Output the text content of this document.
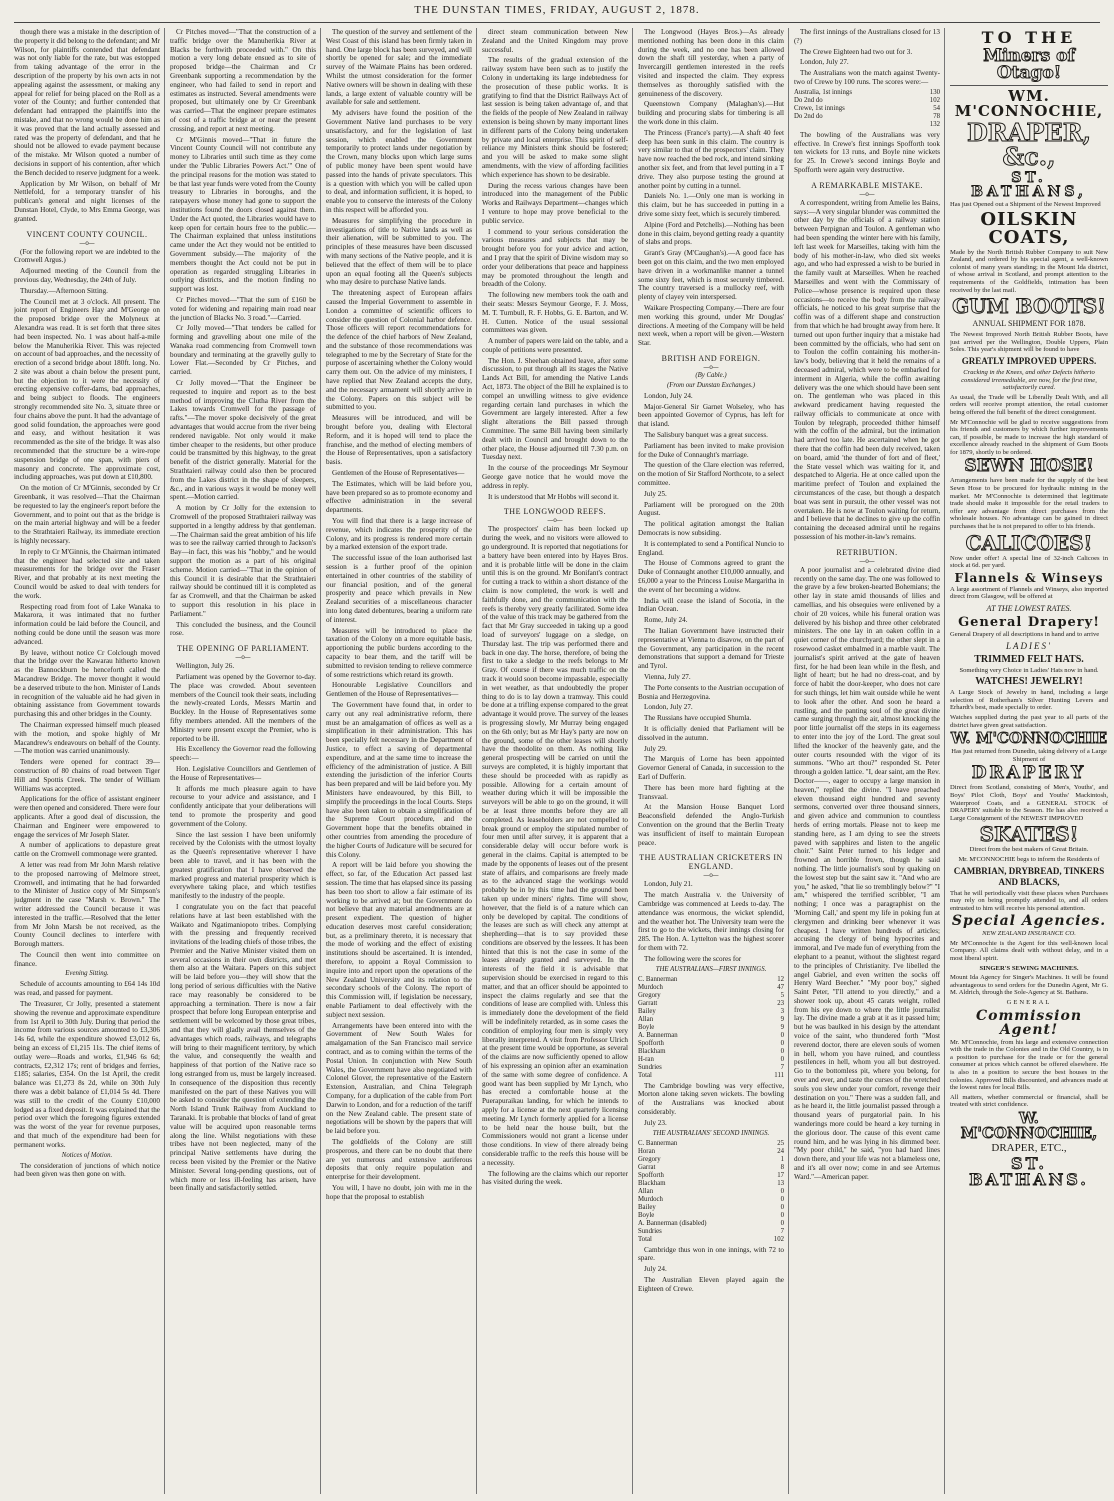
THE DUNSTAN TIMES, FRIDAY, AUGUST 2, 1878.

though there was a mistake in the description of the property it did belong to the defendant; and Mr Wilson, for plaintiffs contended that defendant was not only liable for the rate, but was estopped from taking advantage of the error in the description of the property by his own acts in not appealing against the assessment, or making any appeal for relief for being placed on the Roll as a voter of the County; and further contended that defendant had entrapped the plaintiffs into the mistake, and that no wrong would be done him as it was proved that the land actually assessed and rated was the property of defendant, and that he should not be allowed to evade payment because of the mistake. Mr Wilson quoted a number of decisions in support of his contention, after which the Bench decided to reserve judgment for a week.

Application by Mr Wilson, on behalf of Mr Nettlefold, for a temporary transfer of his publican's general and night licenses of the Dunstan Hotel, Clyde, to Mrs Emma George, was granted.

VINCENT COUNTY COUNCIL.
—o—

(For the following report we are indebted to the Cromwell Argus.)

Adjourned meeting of the Council from the previous day, Wednesday, the 24th of July.

Thursday.—Afternoon Sitting.

The Council met at 3 o'clock. All present. The joint report of Engineers Hay and M'George on the proposed bridge over the Molyneux at Alexandra was read. It is set forth that three sites had been inspected. No. 1 was about half-a-mile below the Manuherikia River. This was rejected on account of bad approaches, and the necessity of erection of a second bridge about 180ft. long. No. 2 site was about a chain below the present punt, but the objection to it were the necessity of erecting expensive coffer-dams, bad approaches, and being subject to floods. The engineers strongly recommended site No. 3, situate three or four chains above the punt. It had the advantage of good solid foundation, the approaches were good and easy, and without hesitation it was recommended as the site of the bridge. It was also recommended that the structure be a wire-rope suspension bridge of one span, with piers of masonry and concrete. The approximate cost, including approaches, was put down at £10,800.

On the motion of Cr M'Ginnis, seconded by Cr Greenbank, it was resolved—That the Chairman be requested to lay the engineer's report before the Government, and to point out that as the bridge is on the main arterial highway and will be a feeder to the Strathtaieri Railway, its immediate erection is highly necessary.

In reply to Cr M'Ginnis, the Chairman intimated that the engineer had selected site and taken measurements for the bridge over the Fraser River, and that probably at its next meeting the Council would be asked to deal with tenders for the work.

Respecting road from foot of Lake Wanaka to Makarora, it was intimated that no further information could be laid before the Council, and nothing could be done until the season was more advanced.

By leave, without notice Cr Colclough moved that the bridge over the Kawarau hitherto known as the Bannockburn be henceforth called the Macandrew Bridge. The mover thought it would be a deserved tribute to the hon. Minister of Lands in recognition of the valuable aid he had given in obtaining assistance from Government towards purchasing this and other bridges in the County.

The Chairman expressed himself much pleased with the motion, and spoke highly of Mr Macandrew's endeavours on behalf of the County.—The motion was carried unanimously.

Tenders were opened for contract 39—construction of 80 chains of road between Tiger Hill and Spottis Creek. The tender of William Williams was accepted.

Applications for the office of assistant engineer were then opened and considered. There were four applicants. After a good deal of discussion, the Chairman and Engineer were empowered to engage the services of Mr Joseph Slater.

A number of applications to depasture great cattle on the Cromwell commonage were granted.

A letter was read from Mr John Marsh relative to the proposed narrowing of Melmore street, Cromwell, and intimating that he had forwarded to the Minister of Justice copy of Mr Simpson's judgment in the case "Marsh v. Brown." The writer addressed the Council because it was interested in the traffic.—Resolved that the letter from Mr John Marsh be not received, as the County Council declines to interfere with Borough matters.

The Council then went into committee on finance.

Evening Sitting.

Schedule of accounts amounting to £64 14s 10d was read, and passed for payment.

The Treasurer, Cr Jolly, presented a statement showing the revenue and approximate expenditure from 1st April to 30th July. During that period the income from various sources amounted to £3,306 14s 6d, while the expenditure showed £3,012 6s, being an excess of £1,215 11s. The chief items of outlay were—Roads and works, £1,946 6s 6d; contracts, £2,312 17s; rent of bridges and ferries, £185; salaries, £354. On the 1st April, the credit balance was £1,273 8s 2d, while on 30th July there was a debit balance of £1,014 5s 4d. There was still to the credit of the County £10,000 lodged as a fixed deposit. It was explained that the period over which the foregoing figures extended was the worst of the year for revenue purposes, and that much of the expenditure had been for permanent works.

Notices of Motion.

The consideration of junctions of which notice had been given was then gone on with.

Cr Pitches moved—"That the construction of a traffic bridge over the Manuherikia River at Blacks be forthwith proceeded with." On this motion a very long debate ensued as to site of proposed bridge—the Chairman and Cr Greenbank supporting a recommendation by the engineer, who had failed to send in report and estimates as instructed. Several amendments were proposed, but ultimately one by Cr Greenbank was carried—That the engineer prepare estimates of cost of a traffic bridge at or near the present crossing, and report at next meeting.

Cr M'Ginnis moved—"That in future the Vincent County Council will not contribute any money to Libraries until such time as they come under the 'Public Libraries Powers Act.'" One of the principal reasons for the motion was stated to be that last year funds were voted from the County treasury to Libraries in boroughs, and the ratepayers whose money had gone to support the institutions found the doors closed against them. Under the Act quoted, the Libraries would have to keep open for certain hours free to the public.—The Chairman explained that unless institutions came under the Act they would not be entitled to Government subsidy.—The majority of the members thought the Act could not be put in operation as regarded struggling Libraries in outlying districts, and the motion finding no support was lost.

Cr Pitches moved—"That the sum of £160 be voted for widening and repairing main road near the junction of Blacks No. 3 road."—Carried.

Cr Jolly moved—"That tenders be called for forming and gravelling about one mile of the Wanaka road commencing from Cromwell town boundary and terminating at the gravelly gully to Lower Flat.—Seconded by Cr Pitches, and carried.

Cr Jolly moved—"That the Engineer be requested to inquire and report as to the best method of improving the Clutha River from the Lakes towards Cromwell for the passage of rafts."—The mover spoke decisively of the great advantages that would accrue from the river being rendered navigable. Not only would it make timber cheaper to the residents, but other produce could be transmitted by this highway, to the great benefit of the district generally. Material for the Strathtaieri railway could also then be procured from the Lakes district in the shape of sleepers, &c., and in various ways it would be money well spent.—Motion carried.

A motion by Cr Jolly for the extension to Cromwell of the proposed Strathtaieri railway was supported in a lengthy address by that gentleman.—The Chairman said the great ambition of his life was to see the railway carried through to Jackson's Bay—in fact, this was his "hobby," and he would support the motion as a part of his original scheme. Motion carried—"That in the opinion of this Council it is desirable that the Strathtaieri railway should be continued till it is completed as far as Cromwell, and that the Chairman be asked to support this resolution in his place in Parliament."

This concluded the business, and the Council rose.

THE OPENING OF PARLIAMENT.
—o—

Wellington, July 26.

Parliament was opened by the Governor to-day. The place was crowded. About seventeen members of the Council took their seats, including the newly-created Lords, Messrs Martin and Buckley. In the House of Representatives some fifty members attended. All the members of the Ministry were present except the Premier, who is reported to be ill.

His Excellency the Governor read the following speech:—

Hon. Legislative Councillors and Gentlemen of the House of Representatives—

It affords me much pleasure again to have recourse to your advice and assistance, and I confidently anticipate that your deliberations will tend to promote the prosperity and good government of the Colony.

Since the last session I have been uniformly received by the Colonists with the utmost loyalty as the Queen's representative wherever I have been able to travel, and it has been with the greatest gratification that I have observed the marked progress and material prosperity which is everywhere taking place, and which testifies manifestly to the industry of the people.

I congratulate you on the fact that peaceful relations have at last been established with the Waikato and Ngatimaniopoto tribes. Complying with the pressing and frequently received invitations of the leading chiefs of those tribes, the Premier and the Native Minister visited them on several occasions in their own districts, and met them also at the Waitara. Papers on this subject will be laid before you—they will show that the long period of serious difficulties with the Native race may reasonably be considered to be approaching a termination. There is now a fair prospect that before long European enterprise and settlement will be welcomed by those great tribes, and that they will gladly avail themselves of the advantages which roads, railways, and telegraphs will bring to their magnificent territory, by which the value, and consequently the wealth and happiness of that portion of the Native race so long estranged from us, must be largely increased. In consequence of the disposition thus recently manifested on the part of these Natives you will be asked to consider the question of extending the North Island Trunk Railway from Auckland to Taranaki. It is probable that blocks of land of great value will be acquired upon reasonable terms along the line. Whilst negotiations with these tribes have not been neglected, many of the principal Native settlements have during the recess been visited by the Premier or the Native Minister. Several long-pending questions, out of which more or less ill-feeling has arisen, have been finally and satisfactorily settled.

The question of the survey and settlement of the West Coast of this island has been firmly taken in hand. One large block has been surveyed, and will shortly be opened for sale; and the immediate survey of the Waimate Plains has been ordered. Whilst the utmost consideration for the former Native owners will be shown in dealing with these lands, a large extent of valuable country will be available for sale and settlement.

My advisers have found the position of the Government Native land purchases to be very unsatisfactory, and for the legislation of last session, which enabled the Government temporarily to protect lands under negotiation by the Crown, many blocks upon which large sums of public money have been spent would have passed into the hands of private speculators. This is a question with which you will be called upon to deal, and information sufficient, it is hoped, to enable you to conserve the interests of the Colony in this respect will be afforded you.

Measures for simplifying the procedure in investigations of title to Native lands as well as their alienation, will be submitted to you. The principles of these measures have been discussed with many sections of the Native people, and it is believed that the effect of them will be to place upon an equal footing all the Queen's subjects who may desire to purchase Native lands.

The threatening aspect of European affairs caused the Imperial Government to assemble in London a committee of scientific officers to consider the question of Colonial harbor defence. Those officers will report recommendations for the defence of the chief harbors of New Zealand, and the substance of those recommendations was telegraphed to me by the Secretary of State for the purpose of ascertaining whether the Colony would carry them out. On the advice of my ministers, I have replied that New Zealand accepts the duty, and the necessary armament will shortly arrive in the Colony. Papers on this subject will be submitted to you.

Measures will be introduced, and will be brought before you, dealing with Electoral Reform, and it is hoped will tend to place the franchise, and the method of electing members of the House of Representatives, upon a satisfactory basis.

Gentlemen of the House of Representatives—

The Estimates, which will be laid before you, have been prepared so as to promote economy and effective administration in the several departments.

You will find that there is a large increase of revenue, which indicates the prosperity of the Colony, and its progress is rendered more certain by a marked extension of the export trade.

The successful issue of the loan authorised last session is a further proof of the opinion entertained in other countries of the stability of our financial position, and of the general prosperity and peace which prevails in New Zealand securities of a miscellaneous character into long dated debentures, bearing a uniform rate of interest.

Measures will be introduced to place the taxation of the Colony on a more equitable basis, apportioning the public burdens according to the capacity to bear them, and the tariff will be submitted to revision tending to relieve commerce of some restrictions which retard its growth.

Honourable Legislative Councillors and Gentlemen of the House of Representatives—

The Government have found that, in order to carry out any real administrative reform, there must be an amalgamation of offices as well as a simplification in their administration. This has been specially felt necessary in the Department of Justice, to effect a saving of departmental expenditure, and at the same time to increase the efficiency of the administration of justice. A Bill extending the jurisdiction of the inferior Courts has been prepared and will be laid before you. My Ministers have endeavoured, by this Bill, to simplify the proceedings in the local Courts. Steps have also been taken to obtain a simplification of the Supreme Court procedure, and the Government hope that the benefits obtained in other countries from amending the procedure of the higher Courts of Judicature will be secured for this Colony.

A report will be laid before you showing the effect, so far, of the Education Act passed last session. The time that has elapsed since its passing has been too short to allow a fair estimate of its working to be arrived at; but the Government do not believe that any material amendments are at present expedient. The question of higher education deserves most careful consideration; but, as a preliminary thereto, it is necessary that the mode of working and the effect of existing institutions should be ascertained. It is intended, therefore, to appoint a Royal Commission to inquire into and report upon the operations of the New Zealand University and its relation to the secondary schools of the Colony. The report of this Commission will, if legislation be necessary, enable Parliament to deal effectively with the subject next session.

Arrangements have been entered into with the Government of New South Wales for amalgamation of the San Francisco mail service contract, and as to coming within the terms of the Postal Union. In conjunction with New South Wales, the Government have also negotiated with Colonel Glover, the representative of the Eastern Extension, Australian, and China Telegraph Company, for a duplication of the cable from Port Darwin to London, and for a reduction of the tariff on the New Zealand cable. The present state of negotiations will be shown by the papers that will be laid before you.

The goldfields of the Colony are still prosperous, and there can be no doubt that there are yet numerous and extensive auriferous deposits that only require population and enterprise for their development.

You will, I have no doubt, join with me in the hope that the proposal to establish

direct steam communication between New Zealand and the United Kingdom may prove successful.

The results of the gradual extension of the railway system have been such as to justify the Colony in undertaking its large indebtedness for the prosecution of these public works. It is gratifying to find that the District Railways Act of last session is being taken advantage of, and that the fields of the people of New Zealand in railway extension is being shown by many important lines in different parts of the Colony being undertaken by private and local enterprise. This spirit of self-reliance my Ministers think should be fostered; and you will be asked to make some slight amendments, with the view of affording facilities which experience has shown to be desirable.

During the recess various changes have been introduced into the management of the Public Works and Railways Department—changes which I venture to hope may prove beneficial to the public service.

I commend to your serious consideration the various measures and subjects that may be brought before you for your advice and action, and I pray that the spirit of Divine wisdom may so order your deliberations that peace and happiness may be promoted throughout the length and breadth of the Colony.

The following new members took the oath and their seats: Messrs Seymour George, F. J. Moss, M. T. Turnbull, R. F. Hobbs, G. E. Barton, and W. H. Cutten. Notice of the usual sessional committees was given.

A number of papers were laid on the table, and a couple of petitions were presented.

The Hon. J. Sheehan obtained leave, after some discussion, to put through all its stages the Native Lands Act Bill, for amending the Native Lands Act, 1873. The object of the Bill he explained is to compel an unwilling witness to give evidence regarding certain land purchases in which the Government are largely interested. After a few slight alterations the Bill passed through Committee. The same Bill having been similarly dealt with in Council and brought down to the other place, the House adjourned till 7.30 p.m. on Tuesday next.

In the course of the proceedings Mr Seymour George gave notice that he would move the address in reply.

It is understood that Mr Hobbs will second it.

THE LONGWOOD REEFS.
—o—

The prospectors' claim has been locked up during the week, and no visitors were allowed to go underground. It is reported that negotiations for a battery have been entered into by Hayes Bros. and it is probable little will be done in the claim until this is on the ground. Mr Bonifant's contract for cutting a track to within a short distance of the claim is now completed, the work is well and faithfully done, and the communication with the reefs is thereby very greatly facilitated. Some idea of the value of this track may be gathered from the fact that Mr Gray succeeded in taking up a good load of surveyors' luggage on a sledge, on Thursday last. The trip was performed there and back in one day. The horse, therefore, of being the first to take a sledge to the reefs belongs to Mr Gray. Of course if there was much traffic on the track it would soon become impassable, especially in wet weather, as that undoubtedly the proper thing to do is to lay down a tramway. This could be done at a trifling expense compared to the great advantage it would prove. The survey of the leases is progressing slowly, Mr Murray being engaged on the 6th only; but as Mr Hay's party are now on the ground, some of the other leases will shortly have the theodolite on them. As nothing like general prospecting will be carried on until the surveys are completed, it is highly important that these should be proceeded with as rapidly as possible. Allowing for a certain amount of weather during which it will be impossible the surveyors will be able to go on the ground, it will be at least three months before they are all completed. As leaseholders are not compelled to break ground or employ the stipulated number of four men until after survey, it is apparent that a considerable delay will occur before work is general in the claims. Capital is attempted to be made by the opponents of leases out of the present state of affairs, and comparisons are freely made as to the advanced stage the workings would probably be in by this time had the ground been taken up under miners' rights. Time will show, however, that the field is of a nature which can only be developed by capital. The conditions of the leases are such as will check any attempt at shepherding—that is to say provided these conditions are observed by the lessees. It has been hinted that this is not the case in some of the leases already granted and surveyed. In the interests of the field it is advisable that supervision should be exercised in regard to this matter, and that an officer should be appointed to inspect the claims regularly and see that the conditions of lease are complied with. Unless this is immediately done the development of the field will be indefinitely retarded, as in some cases the condition of employing four men is simply very liberally interpreted. A visit from Professor Ulrich at the present time would be opportune, as several of the claims are now sufficiently opened to allow of his expressing an opinion after an examination of the same with some degree of confidence. A good want has been supplied by Mr Lynch, who has erected a comfortable house at the Puerapuraikau landing, for which he intends to apply for a license at the next quarterly licensing meeting. Mr Lynch formerly applied for a license to be held near the house built, but the Commissioners would not grant a license under those conditions. In view of there already being considerable traffic to the reefs this house will be a necessity.

The following are the claims which our reporter has visited during the week.

The Longwood (Hayes Bros.)—As already mentioned nothing has been done in this claim during the week, and no one has been allowed down the shaft till yesterday, when a party of Invercargill gentlemen interested in the reefs visited and inspected the claim. They express themselves as thoroughly satisfied with the genuineness of the discovery.

Queenstown Company (Malaghan's).—Hut building and procuring slabs for timbering is all the work done in this claim.

The Princess (France's party).—A shaft 40 feet deep has been sunk in this claim. The country is very similar to that of the prospectors' claim. They have now reached the bed rock, and intend sinking another six feet, and from that level putting in a T drive. They also purpose testing the ground at another point by cutting in a tunnel.

Daniels No. 1.—Only one man is working in this claim, but he has succeeded in putting in a drive some sixty feet, which is securely timbered.

Alpine (Ford and Petchells).—Nothing has been done in this claim, beyond getting ready a quantity of slabs and props.

Grant's Gray (M'Caughan's).—A good face has been got on this claim, and the two men employed have driven in a workmanlike manner a tunnel some sixty feet, which is most securely timbered. The country traversed is a mullocky reef, with plenty of clayey vein interspersed.

Waikare Prospecting Company.—There are four men working this ground, under Mr Douglas' directions. A meeting of the Company will be held next week, when a report will be given.—Western Star.

BRITISH AND FOREIGN.
—o—
(By Cable.)
(From our Dunstan Exchanges.)

London, July 24.

Major-General Sir Garnet Wolseley, who has been appointed Governor of Cyprus, has left for that island.

The Salisbury banquet was a great success.

Parliament has been invited to make provision for the Duke of Connaught's marriage.

The question of the Clare election was referred, on the motion of Sir Stafford Northcote, to a select committee.

July 25.

Parliament will be prorogued on the 20th August.

The political agitation amongst the Italian Democrats is now subsiding.

It is contemplated to send a Pontifical Nuncio to England.

The House of Commons agreed to grant the Duke of Connaught another £10,000 annually, and £6,000 a year to the Princess Louise Margaritha in the event of her becoming a widow.

India will cease the island of Socotia, in the Indian Ocean.

Rome, July 24.

The Italian Government have instructed their representative at Vienna to disavow, on the part of the Government, any participation in the recent demonstrations that support a demand for Trieste and Tyrol.

Vienna, July 27.

The Porte consents to the Austrian occupation of Bosnia and Herzegovina.

London, July 27.

The Russians have occupied Shumla.

It is officially denied that Parliament will be dissolved in the autumn.

July 29.

The Marquis of Lorne has been appointed Governor General of Canada, in succession to the Earl of Dufferin.

There has been more hard fighting at the Transvaal.

At the Mansion House Banquet Lord Beaconsfield defended the Anglo-Turkish Convention on the ground that the Berlin Treaty was insufficient of itself to maintain European peace.

THE AUSTRALIAN CRICKETERS IN ENGLAND.
—o—

London, July 21.

The match Australia v. the University of Cambridge was commenced at Leeds to-day. The attendance was enormous, the wicket splendid, and the weather hot. The University team were the first to go to the wickets, their innings closing for 285. The Hon. A. Lyttelton was the highest scorer for them with 72.

The following were the scores for

THE AUSTRALIANS—FIRST INNINGS.
C. Bannerman	12
Murdoch	47
Gregory	5
Garratt	23
Bailey	3
Allan	9
Boyle	9
A. Bannerman	0
Spofforth	0
Blackham	0
H-ran	0
Sundries	7
Total	111

The Cambridge bowling was very effective, Morton alone taking seven wickets. The bowling of the Australians was knocked about considerably.

July 23.

THE AUSTRALIANS' SECOND INNINGS.
C. Bannerman	25
Horan	24
Gregory	1
Garrat	8
Spofforth	17
Blackham	13
Allan	0
Murdoch	0
Bailey	0
Boyle	0
A. Bannerman (disabled)	0
Sundries	7
Total	102

Cambridge thus won in one innings, with 72 to spare.

July 24.

The Australian Eleven played again the Eighteen of Crewe.

The first innings of the Australians closed for 13 (?)

The Crewe Eighteen had two out for 3.

London, July 27.

The Australians won the match against Twenty-two of Crewe by 100 runs. The scores were:—

Australia, 1st innings	130
Do 2nd do	102

Crewe, 1st innings	54
Do 2nd do	78
	132

The bowling of the Australians was very effective. In Crewe's first innings Spofforth took ten wickets for 13 runs, and Boyle nine wickets for 25. In Crewe's second innings Boyle and Spofforth were again very destructive.

A REMARKABLE MISTAKE.
—o—

A correspondent, writing from Amelie les Bains, says:—A very singular blunder was committed the other day by the officials of a railway station between Perpignan and Toulon. A gentleman who had been spending the winter here with his family, left last week for Marseilles, taking with him the body of his mother-in-law, who died six weeks ago, and who had expressed a wish to be buried in the family vault at Marseilles. When he reached Marseilles and went with the Commissary of Police—whose presence is required upon these occasions—to receive the body from the railway officials, he noticed to his great surprise that the coffin was of a different shape and construction from that which he had brought away from here. It turned out upon further inquiry that a mistake had been committed by the officials, who had sent on to Toulon the coffin containing his mother-in-law's body, believing that it held the remains of a deceased admiral, which were to be embarked for interment in Algeria, while the coffin awaiting delivery was the one which should have been sent on. The gentleman who was placed in this awkward predicament having requested the railway officials to communicate at once with Toulon by telegraph, proceeded thither himself with the coffin of the admiral, but the intimation had arrived too late. He ascertained when he got there that the coffin had been duly received, taken on board, amid 'the thunder of fort and of fleet,' the State vessel which was waiting for it, and despatched to Algeria. He at once called upon the maritime prefect of Toulon and explained the circumstances of the case, but though a despatch boat was sent in pursuit, the other vessel was not overtaken. He is now at Toulon waiting for return, and I believe that he declines to give up the coffin containing the deceased admiral until he regains possession of his mother-in-law's remains.

RETRIBUTION.
—o—

A poor journalist and a celebrated divine died recently on the same day. The one was followed to the grave by a few broken-hearted Bohemians; the other lay in state amid thousands of lilies and camellias, and his obsequies were enlivened by a choir of 20 voices, while his funeral oration was delivered by his bishop and three other celebrated ministers. The one lay in an oaken coffin in a quiet corner of the churchyard; the other slept in a rosewood casket embalmed in a marble vault. The journalist's spirit arrived at the gate of heaven first, for he had been lean while in the flesh, and light of heart; but he had no dress-coat, and by force of habit the door-keeper, who does not care for such things, let him wait outside while he went to look after the other. And soon he heard a rustling, and the panting soul of the great divine came surging through the air, almost knocking the poor little journalist off the steps in its eagerness to enter into the joy of the Lord. The great soul lifted the knocker of the heavenly gate, and the outer courts resounded with the vigor of its summons. "Who art thou?" responded St. Peter through a golden lattice. "I, dear saint, am the Rev. Doctor——, eager to occupy a large mansion in heaven," replied the divine. "I have preached eleven thousand eight hundred and seventy sermons, converted over three thousand sinners, and given advice and communion to countless herds of erring mortals. Please not to keep me standing here, as I am dying to see the streets paved with sapphires and listen to the angelic choir." Saint Peter turned to his ledger and frowned an horrible frown, though he said nothing. The little journalist's soul by quaking on the lowest step but the saint saw it. "And who are you," he asked, "that lie so tremblingly below?" "I am," whispered the terrified scribbler, "I am nothing; I once was a paragraphist on the 'Morning Call,' and spent my life in poking fun at clergymen and drinking beer whenever it was cheapest. I have written hundreds of articles; accusing the clergy of being hypocrites and immoral, and I've made fun of everything from the elephant to a peanut, without the slightest regard to the principles of Christianity. I've libelled the angel Gabriel, and even written the socks off Henry Ward Beecher." "My poor boy," sighed Saint Peter, "I'll attend to you directly," and a shower took up, about 45 carats weight, rolled from his eye down to where the little journalist lay. The divine made a grab at it as it passed him; but he was baulked in his design by the attendant voice of the saint, who thundered forth "Most reverend doctor, there are eleven souls of women in hell, whom you have ruined, and countless pestilences in hell, whom you all but destroyed. Go to the bottomless pit, where you belong, for ever and ever, and taste the curses of the wretched souls you slew under your comfort, revenge their destination on you." There was a sudden fall, and as he heard it, the little journalist passed through a thousand years of purgatorial pain. In his wanderings more could be heard a key turning in the glorious door. The cause of this event came round him, and he was lying in his dimmed beer. "My poor child," he said, "you had hard lines down there, and your life was not a blameless one, and it's all over now; come in and see Artemus Ward."—American paper.

TO THE
Miners of Otago!
WM. M'CONNOCHIE,
DRAPER, &c.,
ST. BATHANS,
Has just Opened out a Shipment of the Newest Improved
OILSKIN COATS,
Made by the North British Rubber Company to suit New Zealand, and ordered by his special agent, a well-known colonist of many years standing; in the Mount Ida district, of whose arrival in Scotland, and prompt attention to the requirements of the Goldfields, intimation has been received by the last mail.
GUM BOOTS!
ANNUAL SHIPMENT FOR 1878.
The Newest Improved North British Rubber Boots, have just arrived per the Wellington, Double Uppers, Plain Soles. This year's shipment will be found to have
GREATLY IMPROVED UPPERS.
Cracking in the Knees, and other Defects hitherto considered irremediable, are now, for the first time, satisfactorily cured.
As usual, the Trade will be Liberally Dealt With, and all orders will receive prompt attention, the retail customer being offered the full benefit of the direct consignment.
Mr M'Connochie will be glad to receive suggestions from his friends and customers by which further improvements can, if possible, be made to increase the high standard of excellence already reached in the shipment of Gum Boots for 1879, shortly to be ordered.
SEWN HOSE!
Arrangements have been made for the supply of the best Sewn Hose to be procured for hydraulic mining in the market. Mr M'Connochie is determined that legitimate trade should make it impossible for the retail traders to offer any advantage from direct purchases from the wholesale houses. No advantage can be gained in direct purchases that he is not prepared to offer to his friends.
CALICOES!
Now under offer! A special line of 32-inch Calicoes in stock at 6d. per yard.
Flannels & Winseys
A large assortment of Flannels and Winseys, also imported direct from Glasgow, will be offered at
AT THE LOWEST RATES.
General Drapery!
General Drapery of all descriptions in hand and to arrive
LADIES'
TRIMMED FELT HATS.
Something very Choice in Ladies' Hats now in hand.
WATCHES! JEWELRY!
A Large Stock of Jewelry in hand, including a large selection of Rotherham's Silver Hunting Levers and Erhardt's best, made specially to order.
Watches supplied during the past year to all parts of the district have given great satisfaction.
W. M'CONNOCHIE
Has just returned from Dunedin, taking delivery of a Large Shipment of
DRAPERY
Direct from Scotland, consisting of Men's, Youths', and Boys' Pilot Cloth, Boys' and Youths' Mackintosh, Waterproof Coats, and a GENERAL STOCK of DRAPERY suitable to the Season. He has also received a Large Consignment of the NEWEST IMPROVED
SKATES!
Direct from the best makers of Great Britain.
Mr. M'CONNOCHIE begs to inform the Residents of
CAMBRIAN, DRYBREAD, TINKERS AND BLACKS,
That he will periodically visit these places when Purchases may rely on being promptly attended to, and all orders entrusted to him will receive his personal attention.
Special Agencies.
NEW ZEALAND INSURANCE CO.
Mr M'Connochie is the Agent for this well-known local Company. All claims dealt with without delay, and in a most liberal spirit.
SINGER'S SEWING MACHINES.
Mount Ida Agency for Singer's Machines. It will be found advantageous to send orders for the Dunedin Agent, Mr G. M. Aldrich, through the Sole-Agency at St. Bathans.
GENERAL
Commission Agent!
Mr. M'Connochie, from his large and extensive connection with the trade in the Colonies and in the Old Country, is in a position to purchase for the trade or for the general consumer at prices which cannot be offered elsewhere. He is also in a position to secure the best houses in the colonies. Approved Bills discounted, and advances made at the lowest rates for local Bills.
All matters, whether commercial or financial, shall be treated with strict confidence.
W. M'CONNOCHIE,
DRAPER, ETC.,
ST. BATHANS.
